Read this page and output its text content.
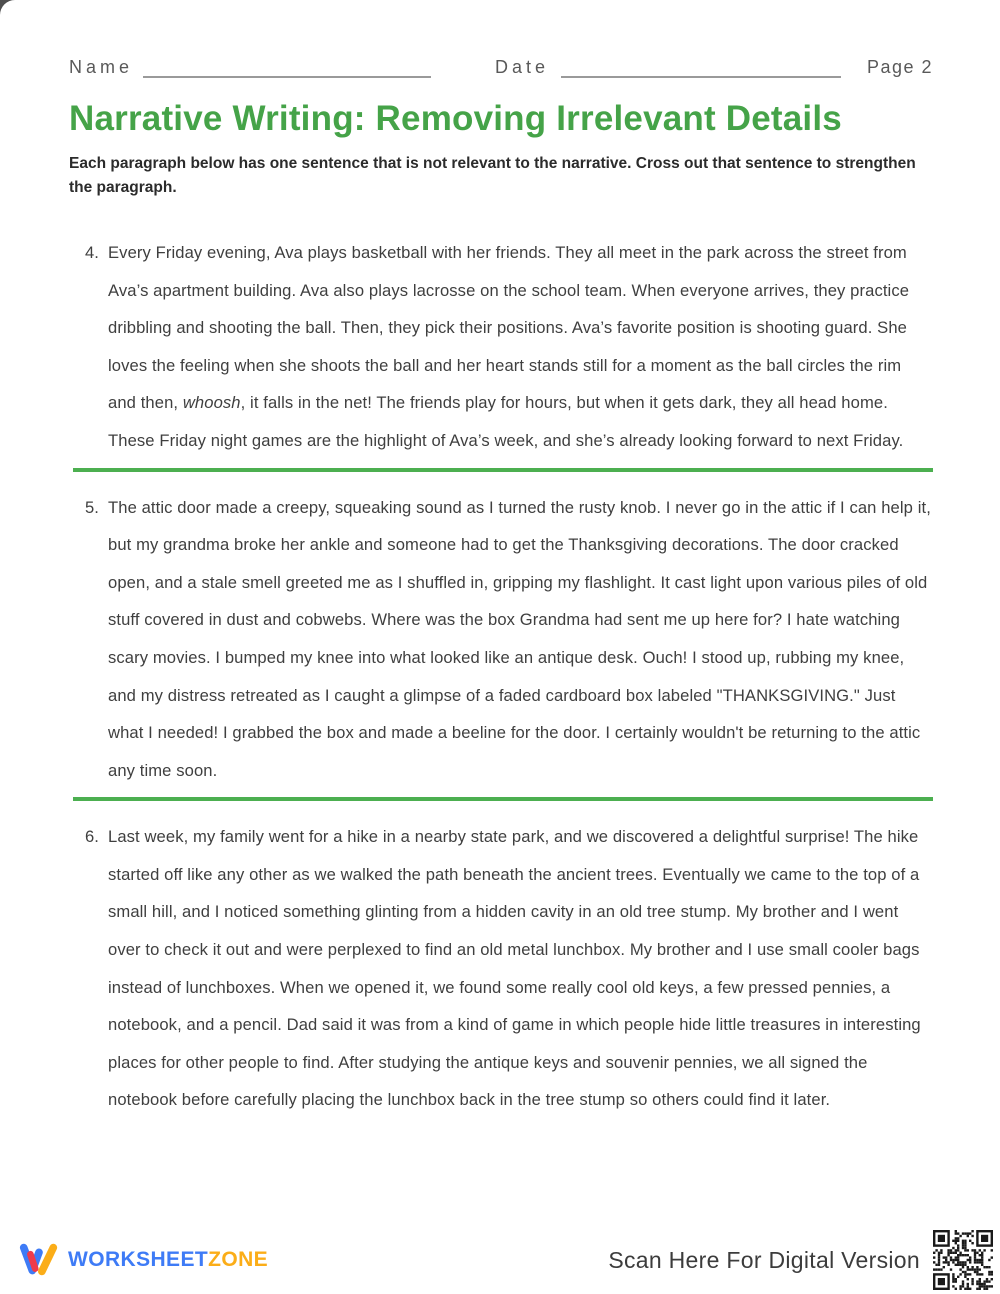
Name	Date	Page 2
Narrative Writing: Removing Irrelevant Details

Each paragraph below has one sentence that is not relevant to the narrative. Cross out that sentence to strengthen the paragraph.

4. Every Friday evening, Ava plays basketball with her friends. They all meet in the park across the street from Ava’s apartment building. Ava also plays lacrosse on the school team. When everyone arrives, they practice dribbling and shooting the ball. Then, they pick their positions. Ava’s favorite position is shooting guard. She loves the feeling when she shoots the ball and her heart stands still for a moment as the ball circles the rim and then, whoosh, it falls in the net! The friends play for hours, but when it gets dark, they all head home. These Friday night games are the highlight of Ava’s week, and she’s already looking forward to next Friday.
5. The attic door made a creepy, squeaking sound as I turned the rusty knob. I never go in the attic if I can help it, but my grandma broke her ankle and someone had to get the Thanksgiving decorations. The door cracked open, and a stale smell greeted me as I shuffled in, gripping my flashlight. It cast light upon various piles of old stuff covered in dust and cobwebs. Where was the box Grandma had sent me up here for? I hate watching scary movies. I bumped my knee into what looked like an antique desk. Ouch! I stood up, rubbing my knee, and my distress retreated as I caught a glimpse of a faded cardboard box labeled "THANKSGIVING." Just what I needed! I grabbed the box and made a beeline for the door. I certainly wouldn't be returning to the attic any time soon.
6. Last week, my family went for a hike in a nearby state park, and we discovered a delightful surprise! The hike started off like any other as we walked the path beneath the ancient trees. Eventually we came to the top of a small hill, and I noticed something glinting from a hidden cavity in an old tree stump. My brother and I went over to check it out and were perplexed to find an old metal lunchbox. My brother and I use small cooler bags instead of lunchboxes. When we opened it, we found some really cool old keys, a few pressed pennies, a notebook, and a pencil. Dad said it was from a kind of game in which people hide little treasures in interesting places for other people to find. After studying the antique keys and souvenir pennies, we all signed the notebook before carefully placing the lunchbox back in the tree stump so others could find it later.
WORKSHEETZONE	Scan Here For Digital Version
